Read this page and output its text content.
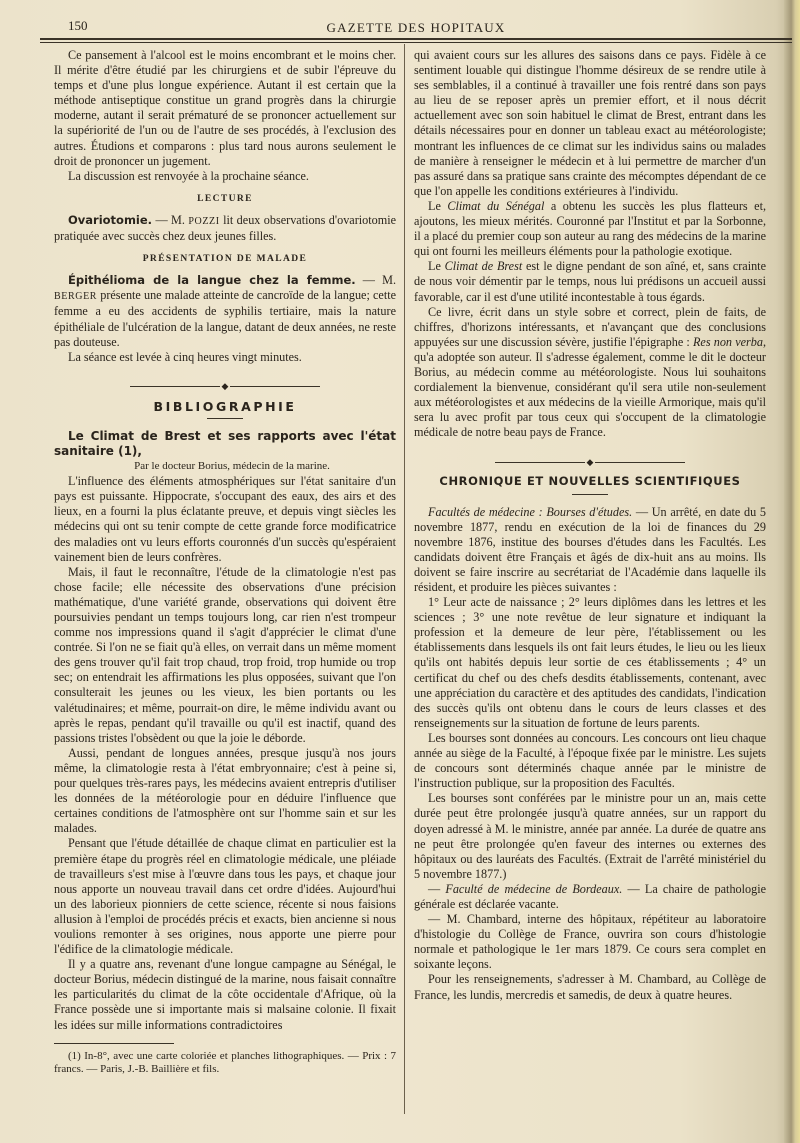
150	GAZETTE DES HOPITAUX

Ce pansement à l'alcool est le moins encombrant et le moins cher. Il mérite d'être étudié par les chirurgiens et de subir l'épreuve du temps et d'une plus longue expérience. Autant il est certain que la méthode antiseptique constitue un grand progrès dans la chirurgie moderne, autant il serait prématuré de se prononcer actuellement sur la supériorité de l'un ou de l'autre de ses procédés, à l'exclusion des autres. Étudions et comparons : plus tard nous aurons seulement le droit de prononcer un jugement.

La discussion est renvoyée à la prochaine séance.

LECTURE

Ovariotomie. — M. POZZI lit deux observations d'ovariotomie pratiquée avec succès chez deux jeunes filles.

PRÉSENTATION DE MALADE

Épithélioma de la langue chez la femme. — M. BERGER présente une malade atteinte de cancroïde de la langue; cette femme a eu des accidents de syphilis tertiaire, mais la nature épithéliale de l'ulcération de la langue, datant de deux années, ne reste pas douteuse.

La séance est levée à cinq heures vingt minutes.

◆
BIBLIOGRAPHIE

Le Climat de Brest et ses rapports avec l'état sanitaire (1),

Par le docteur Borius, médecin de la marine.

L'influence des éléments atmosphériques sur l'état sanitaire d'un pays est puissante. Hippocrate, s'occupant des eaux, des airs et des lieux, en a fourni la plus éclatante preuve, et depuis vingt siècles les médecins qui ont su tenir compte de cette grande force modificatrice des maladies ont vu leurs efforts couronnés d'un succès qu'espéraient vainement bien de leurs confrères.

Mais, il faut le reconnaître, l'étude de la climatologie n'est pas chose facile; elle nécessite des observations d'une précision mathématique, d'une variété grande, observations qui doivent être poursuivies pendant un temps toujours long, car rien n'est trompeur comme nos impressions quand il s'agit d'apprécier le climat d'une contrée. Si l'on ne se fiait qu'à elles, on verrait dans un même moment des gens trouver qu'il fait trop chaud, trop froid, trop humide ou trop sec; on entendrait les affirmations les plus opposées, suivant que l'on consulterait les jeunes ou les vieux, les bien portants ou les valétudinaires; et même, pourrait-on dire, le même individu avant ou après le repas, pendant qu'il travaille ou qu'il est inactif, quand des passions tristes l'obsèdent ou que la joie le déborde.

Aussi, pendant de longues années, presque jusqu'à nos jours même, la climatologie resta à l'état embryonnaire; c'est à peine si, pour quelques très-rares pays, les médecins avaient entrepris d'utiliser les données de la météorologie pour en déduire l'influence que certaines conditions de l'atmosphère ont sur l'homme sain et sur les malades.

Pensant que l'étude détaillée de chaque climat en particulier est la première étape du progrès réel en climatologie médicale, une pléiade de travailleurs s'est mise à l'œuvre dans tous les pays, et chaque jour nous apporte un nouveau travail dans cet ordre d'idées. Aujourd'hui un des laborieux pionniers de cette science, récente si nous faisions allusion à l'emploi de procédés précis et exacts, bien ancienne si nous voulions remonter à ses origines, nous apporte une pierre pour l'édifice de la climatologie médicale.

Il y a quatre ans, revenant d'une longue campagne au Sénégal, le docteur Borius, médecin distingué de la marine, nous faisait connaître les particularités du climat de la côte occidentale d'Afrique, où la France possède une si importante mais si malsaine colonie. Il fixait les idées sur mille informations contradictoires

(1) In-8°, avec une carte coloriée et planches lithographiques. — Prix : 7 francs. — Paris, J.-B. Baillière et fils.

qui avaient cours sur les allures des saisons dans ce pays. Fidèle à ce sentiment louable qui distingue l'homme désireux de se rendre utile à ses semblables, il a continué à travailler une fois rentré dans son pays au lieu de se reposer après un premier effort, et il nous décrit actuellement avec son soin habituel le climat de Brest, entrant dans les détails nécessaires pour en donner un tableau exact au météorologiste; montrant les influences de ce climat sur les individus sains ou malades de manière à renseigner le médecin et à lui permettre de marcher d'un pas assuré dans sa pratique sans crainte des mécomptes dépendant de ce que l'on appelle les conditions extérieures à l'individu.

Le Climat du Sénégal a obtenu les succès les plus flatteurs et, ajoutons, les mieux mérités. Couronné par l'Institut et par la Sorbonne, il a placé du premier coup son auteur au rang des médecins de la marine qui ont fourni les meilleurs éléments pour la pathologie exotique.

Le Climat de Brest est le digne pendant de son aîné, et, sans crainte de nous voir démentir par le temps, nous lui prédisons un accueil aussi favorable, car il est d'une utilité incontestable à tous égards.

Ce livre, écrit dans un style sobre et correct, plein de faits, de chiffres, d'horizons intéressants, et n'avançant que des conclusions appuyées sur une discussion sévère, justifie l'épigraphe : Res non verba, qu'a adoptée son auteur. Il s'adresse également, comme le dit le docteur Borius, au médecin comme au météorologiste. Nous lui souhaitons cordialement la bienvenue, considérant qu'il sera utile non-seulement aux météorologistes et aux médecins de la vieille Armorique, mais qu'il sera lu avec profit par tous ceux qui s'occupent de la climatologie médicale de notre beau pays de France.

◆
CHRONIQUE ET NOUVELLES SCIENTIFIQUES

Facultés de médecine : Bourses d'études. — Un arrêté, en date du 5 novembre 1877, rendu en exécution de la loi de finances du 29 novembre 1876, institue des bourses d'études dans les Facultés. Les candidats doivent être Français et âgés de dix-huit ans au moins. Ils doivent se faire inscrire au secrétariat de l'Académie dans laquelle ils résident, et produire les pièces suivantes :

1° Leur acte de naissance ; 2° leurs diplômes dans les lettres et les sciences ; 3° une note revêtue de leur signature et indiquant la profession et la demeure de leur père, l'établissement ou les établissements dans lesquels ils ont fait leurs études, le lieu ou les lieux qu'ils ont habités depuis leur sortie de ces établissements ; 4° un certificat du chef ou des chefs desdits établissements, contenant, avec une appréciation du caractère et des aptitudes des candidats, l'indication des succès qu'ils ont obtenu dans le cours de leurs classes et des renseignements sur la situation de fortune de leurs parents.

Les bourses sont données au concours. Les concours ont lieu chaque année au siège de la Faculté, à l'époque fixée par le ministre. Les sujets de concours sont déterminés chaque année par le ministre de l'instruction publique, sur la proposition des Facultés.

Les bourses sont conférées par le ministre pour un an, mais cette durée peut être prolongée jusqu'à quatre années, sur un rapport du doyen adressé à M. le ministre, année par année. La durée de quatre ans ne peut être prolongée qu'en faveur des internes ou externes des hôpitaux ou des lauréats des Facultés. (Extrait de l'arrêté ministériel du 5 novembre 1877.)

— Faculté de médecine de Bordeaux. — La chaire de pathologie générale est déclarée vacante.

— M. Chambard, interne des hôpitaux, répétiteur au laboratoire d'histologie du Collège de France, ouvrira son cours d'histologie normale et pathologique le 1er mars 1879. Ce cours sera complet en soixante leçons.

Pour les renseignements, s'adresser à M. Chambard, au Collège de France, les lundis, mercredis et samedis, de deux à quatre heures.
